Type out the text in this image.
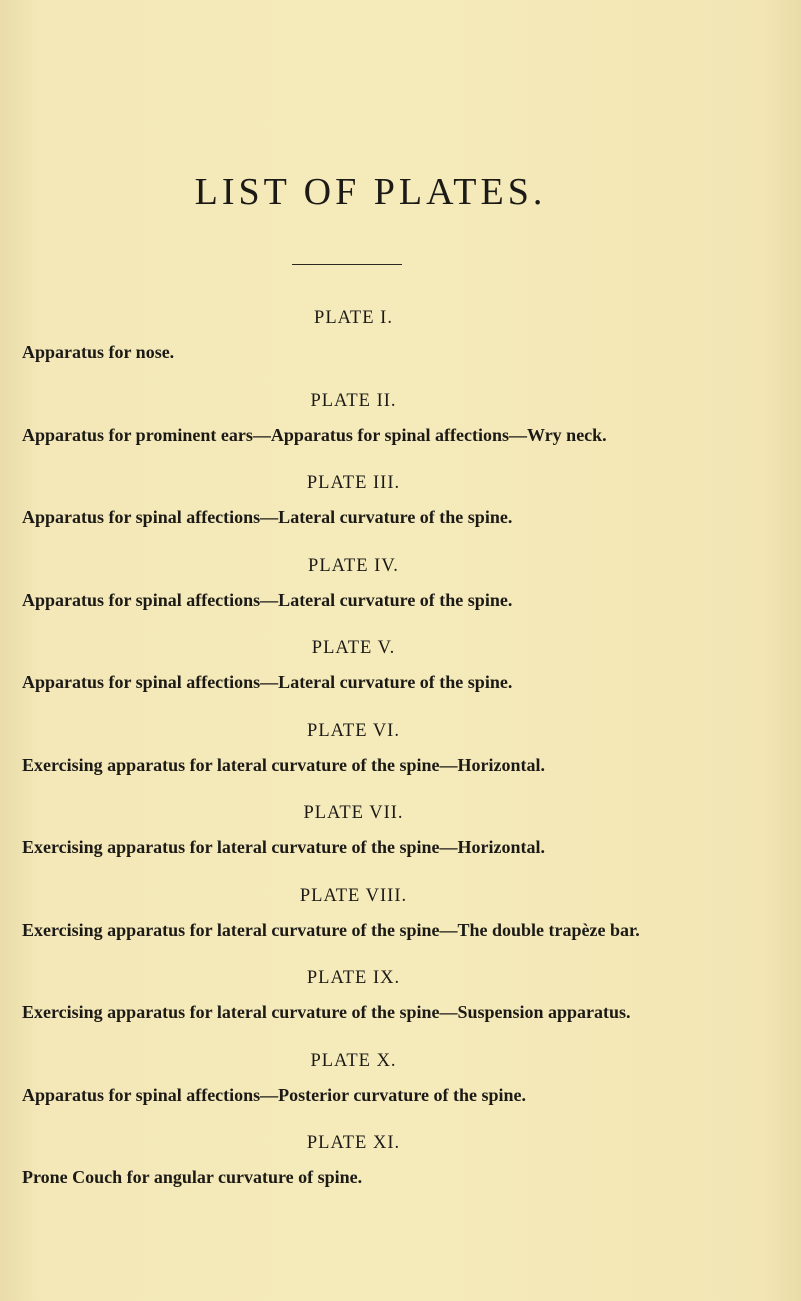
LIST OF PLATES.
PLATE I.
Apparatus for nose.
PLATE II.
Apparatus for prominent ears—Apparatus for spinal affections—Wry neck.
PLATE III.
Apparatus for spinal affections—Lateral curvature of the spine.
PLATE IV.
Apparatus for spinal affections—Lateral curvature of the spine.
PLATE V.
Apparatus for spinal affections—Lateral curvature of the spine.
PLATE VI.
Exercising apparatus for lateral curvature of the spine—Horizontal.
PLATE VII.
Exercising apparatus for lateral curvature of the spine—Horizontal.
PLATE VIII.
Exercising apparatus for lateral curvature of the spine—The double trapèze bar.
PLATE IX.
Exercising apparatus for lateral curvature of the spine—Suspension apparatus.
PLATE X.
Apparatus for spinal affections—Posterior curvature of the spine.
PLATE XI.
Prone Couch for angular curvature of spine.
